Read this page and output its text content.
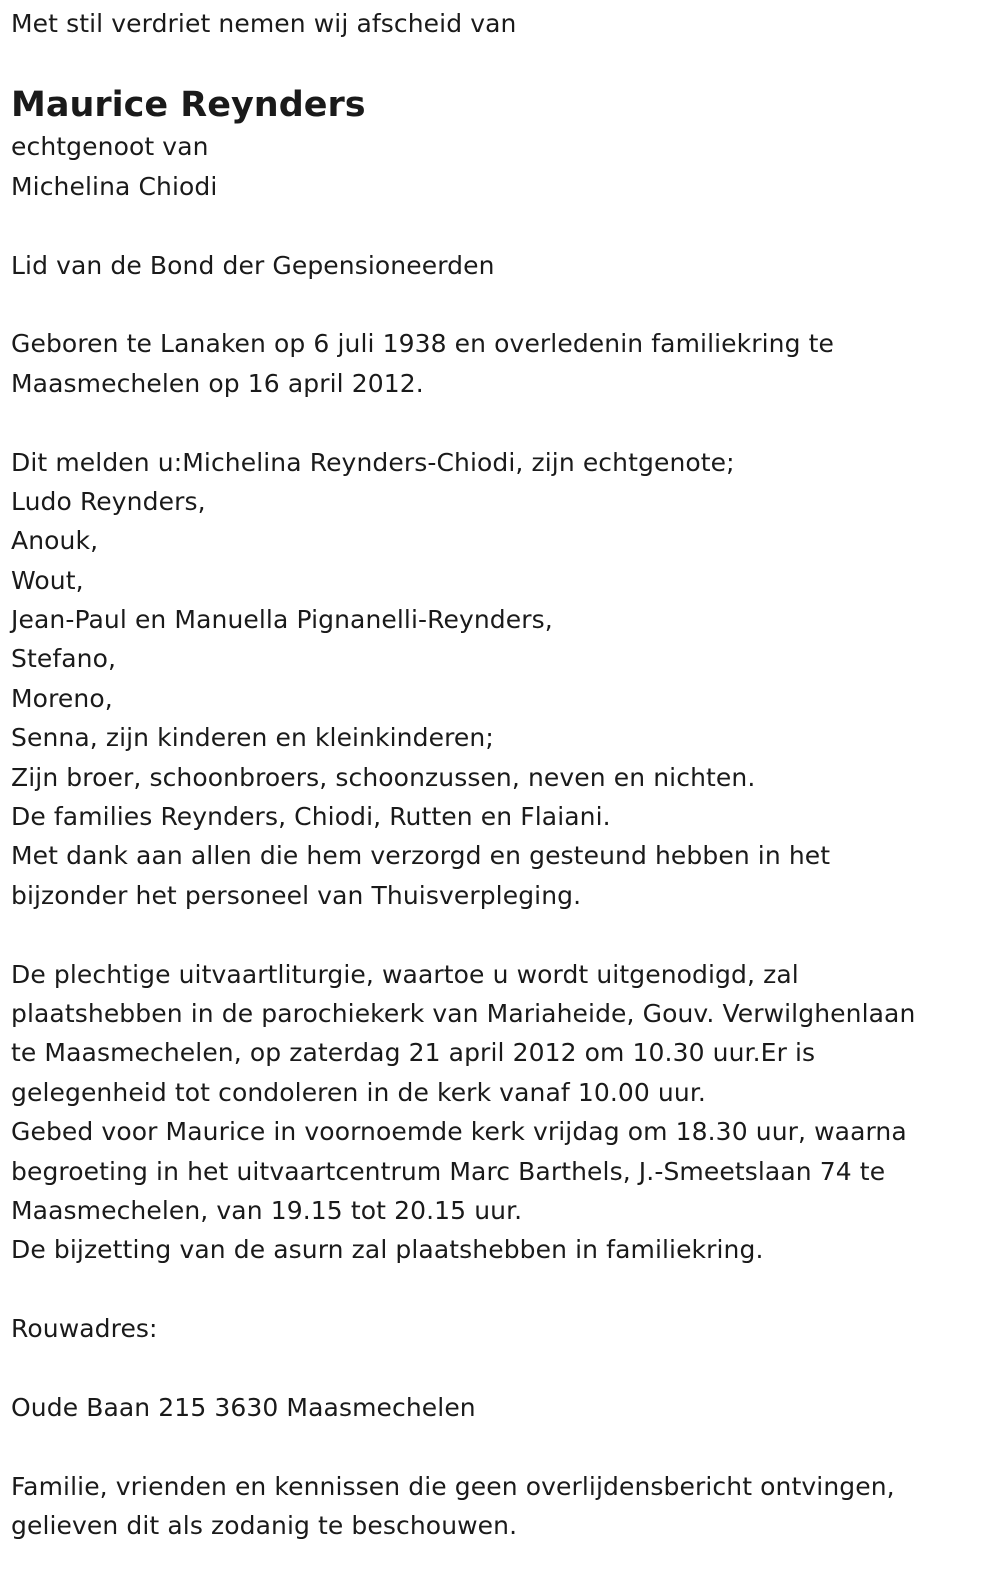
Met stil verdriet nemen wij afscheid van
Maurice Reynders
echtgenoot van
Michelina Chiodi
Lid van de Bond der Gepensioneerden
Geboren te Lanaken op 6 juli 1938 en overledenin familiekring te
Maasmechelen op 16 april 2012.
Dit melden u:Michelina Reynders-Chiodi, zijn echtgenote;
Ludo Reynders,
Anouk,
Wout,
Jean-Paul en Manuella Pignanelli-Reynders,
Stefano,
Moreno,
Senna, zijn kinderen en kleinkinderen;
Zijn broer, schoonbroers, schoonzussen, neven en nichten.
De families Reynders, Chiodi, Rutten en Flaiani.
Met dank aan allen die hem verzorgd en gesteund hebben in het
bijzonder het personeel van Thuisverpleging.
De plechtige uitvaartliturgie, waartoe u wordt uitgenodigd, zal
plaatshebben in de parochiekerk van Mariaheide, Gouv. Verwilghenlaan
te Maasmechelen, op zaterdag 21 april 2012 om 10.30 uur.Er is
gelegenheid tot condoleren in de kerk vanaf 10.00 uur.
Gebed voor Maurice in voornoemde kerk vrijdag om 18.30 uur, waarna
begroeting in het uitvaartcentrum Marc Barthels, J.-Smeetslaan 74 te
Maasmechelen, van 19.15 tot 20.15 uur.
De bijzetting van de asurn zal plaatshebben in familiekring.
Rouwadres:
Oude Baan 215 3630 Maasmechelen
Familie, vrienden en kennissen die geen overlijdensbericht ontvingen,
gelieven dit als zodanig te beschouwen.
